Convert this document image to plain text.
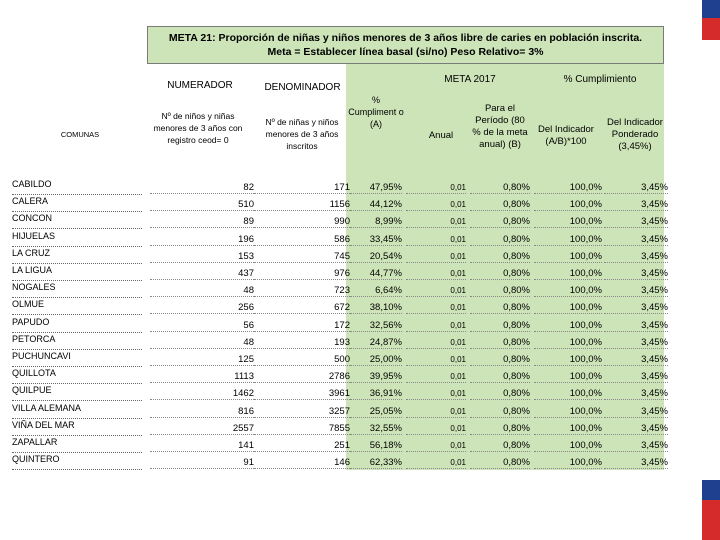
META 21: Proporción de niñas y niños menores de 3 años libre de caries en población inscrita.
Meta = Establecer línea basal (si/no) Peso Relativo= 3%
NUMERADOR	DENOMINADOR
META 2017	% Cumplimiento
COMUNAS
Nº de niños y niñas menores de 3 años con registro ceod= 0
Nº de niñas y niños menores de 3 años inscritos
% Cumpliment o (A)
Anual
Para el Período (80 % de la meta anual) (B)
Del Indicador (A/B)*100
Del Indicador Ponderado (3,45%)
CABILDO	82	171	47,95%	0,01	0,80%	100,0%	3,45%
CALERA	510	1156	44,12%	0,01	0,80%	100,0%	3,45%
CONCON	89	990	8,99%	0,01	0,80%	100,0%	3,45%
HIJUELAS	196	586	33,45%	0,01	0,80%	100,0%	3,45%
LA CRUZ	153	745	20,54%	0,01	0,80%	100,0%	3,45%
LA LIGUA	437	976	44,77%	0,01	0,80%	100,0%	3,45%
NOGALES	48	723	6,64%	0,01	0,80%	100,0%	3,45%
OLMUE	256	672	38,10%	0,01	0,80%	100,0%	3,45%
PAPUDO	56	172	32,56%	0,01	0,80%	100,0%	3,45%
PETORCA	48	193	24,87%	0,01	0,80%	100,0%	3,45%
PUCHUNCAVI	125	500	25,00%	0,01	0,80%	100,0%	3,45%
QUILLOTA	1113	2786	39,95%	0,01	0,80%	100,0%	3,45%
QUILPUE	1462	3961	36,91%	0,01	0,80%	100,0%	3,45%
VILLA ALEMANA	816	3257	25,05%	0,01	0,80%	100,0%	3,45%
VIÑA DEL MAR	2557	7855	32,55%	0,01	0,80%	100,0%	3,45%
ZAPALLAR	141	251	56,18%	0,01	0,80%	100,0%	3,45%
QUINTERO	91	146	62,33%	0,01	0,80%	100,0%	3,45%
